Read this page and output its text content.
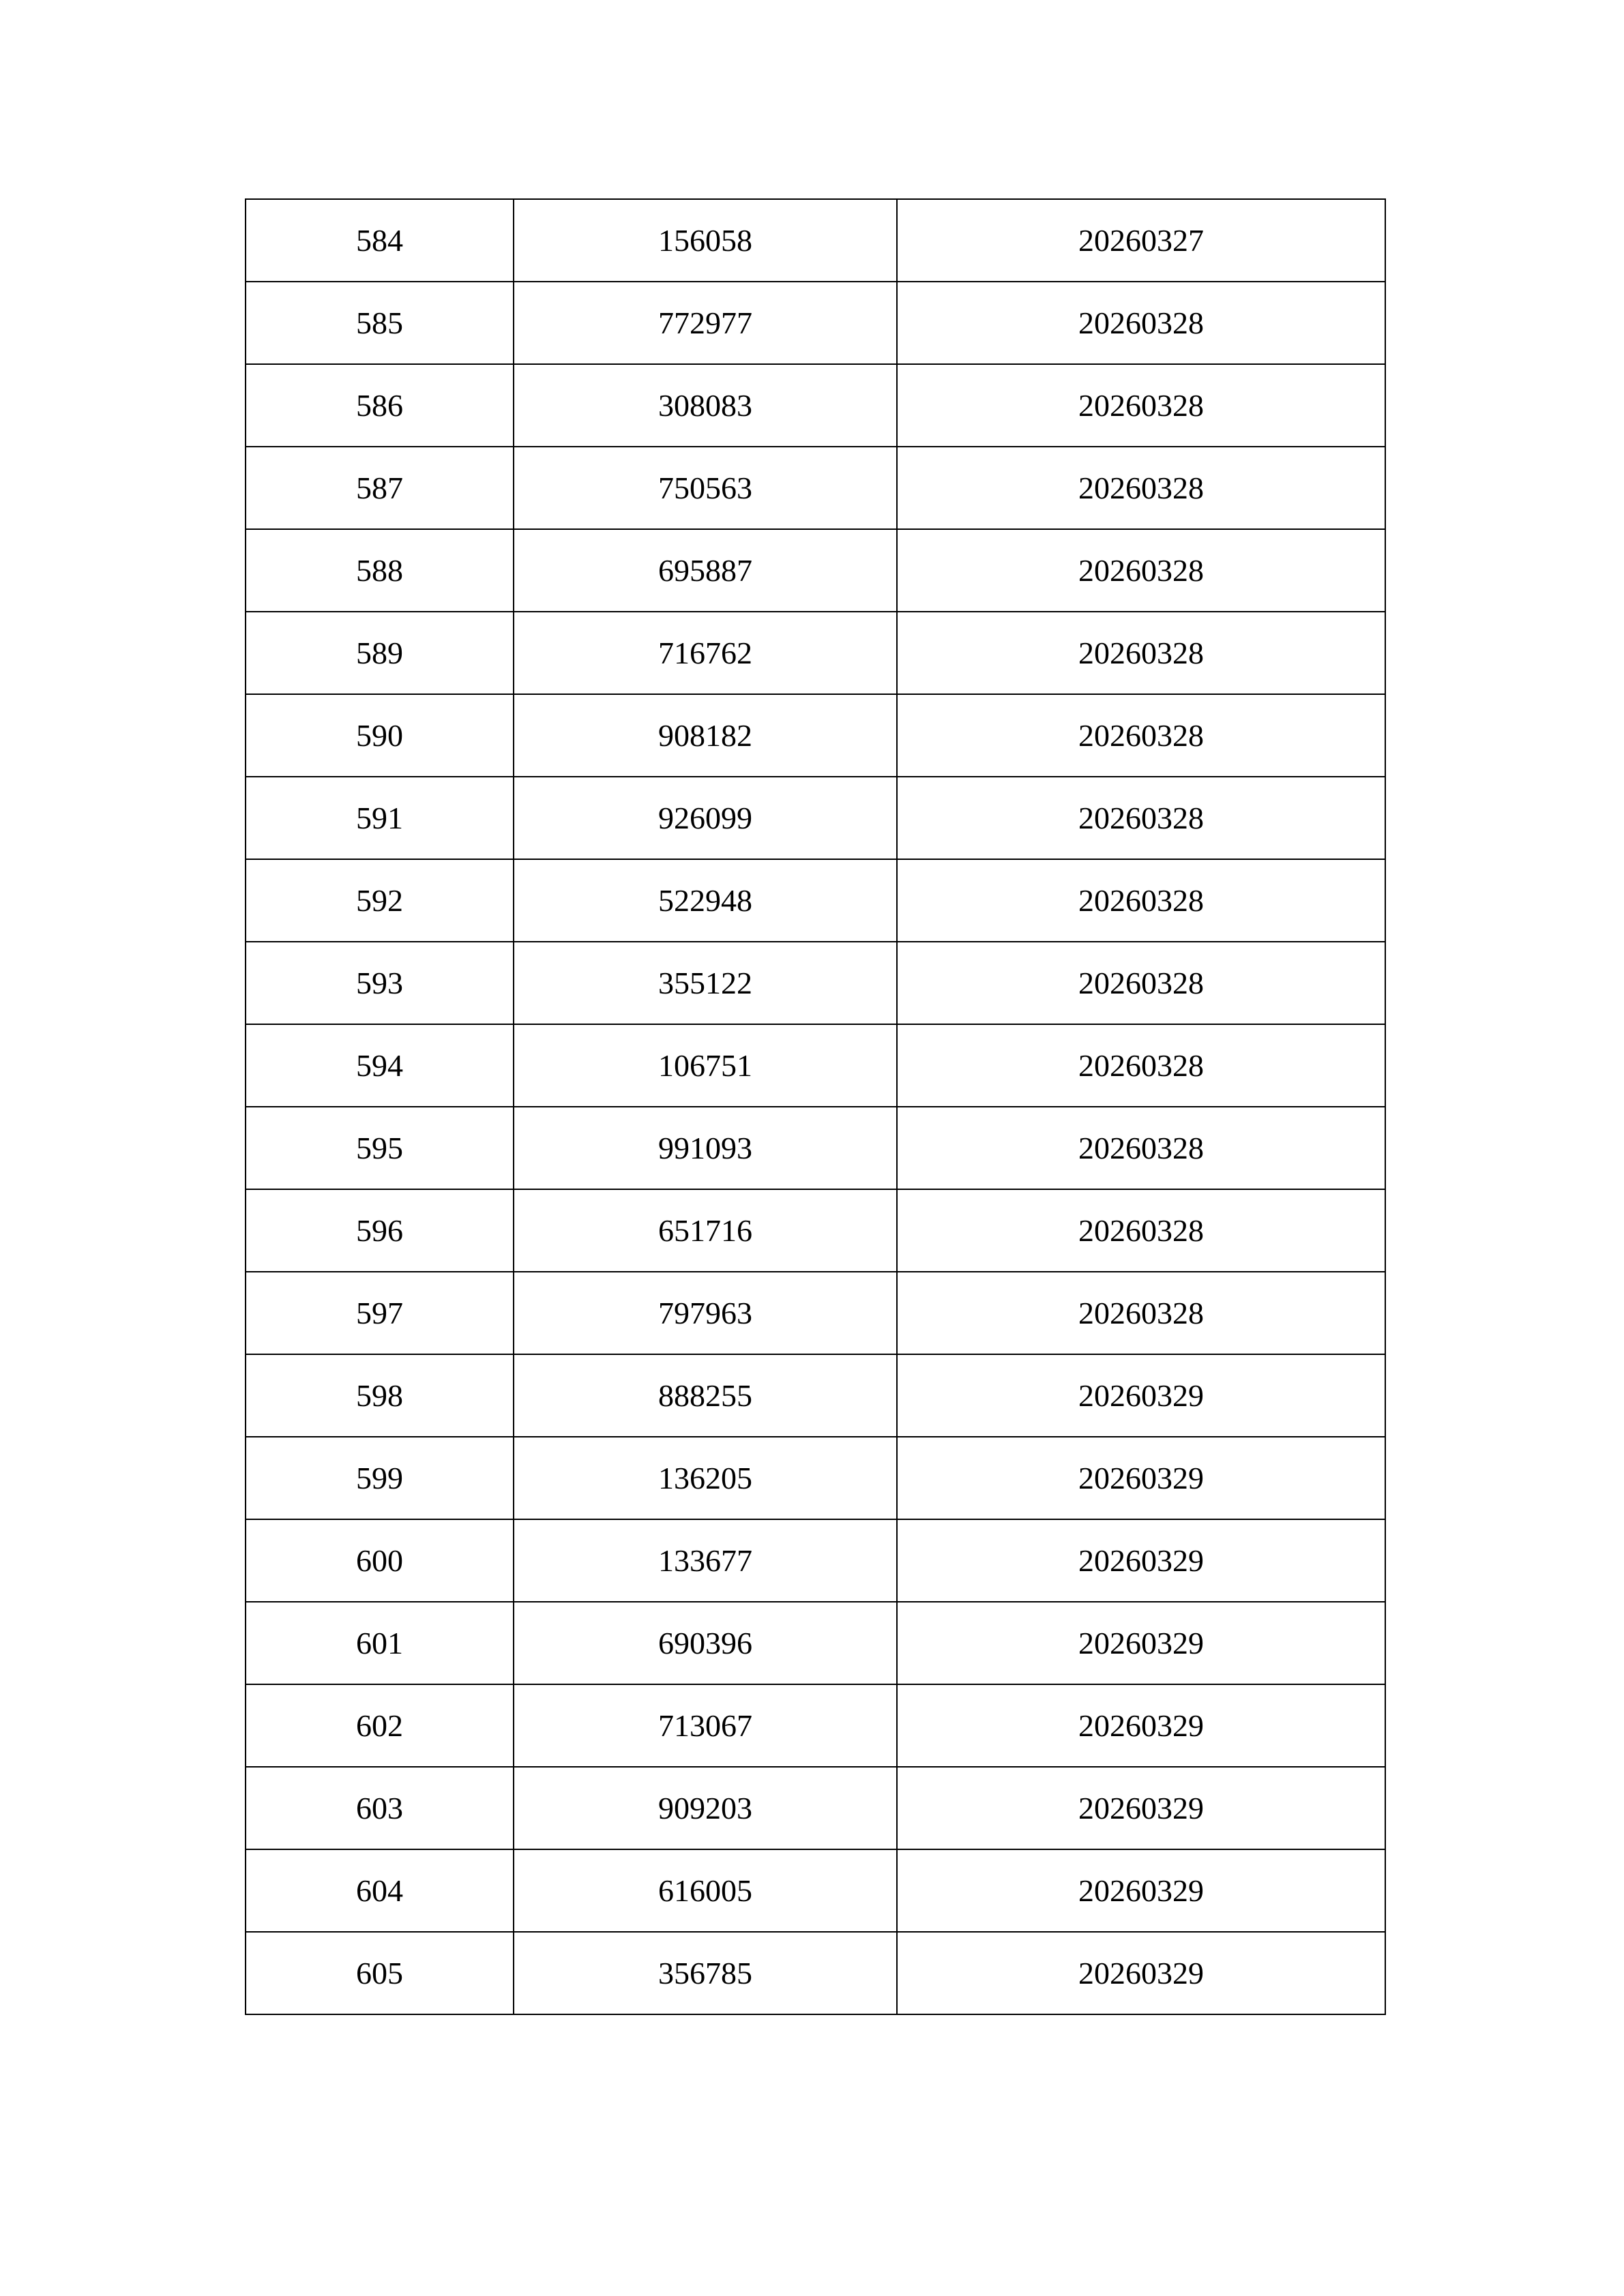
584	156058	20260327
585	772977	20260328
586	308083	20260328
587	750563	20260328
588	695887	20260328
589	716762	20260328
590	908182	20260328
591	926099	20260328
592	522948	20260328
593	355122	20260328
594	106751	20260328
595	991093	20260328
596	651716	20260328
597	797963	20260328
598	888255	20260329
599	136205	20260329
600	133677	20260329
601	690396	20260329
602	713067	20260329
603	909203	20260329
604	616005	20260329
605	356785	20260329
